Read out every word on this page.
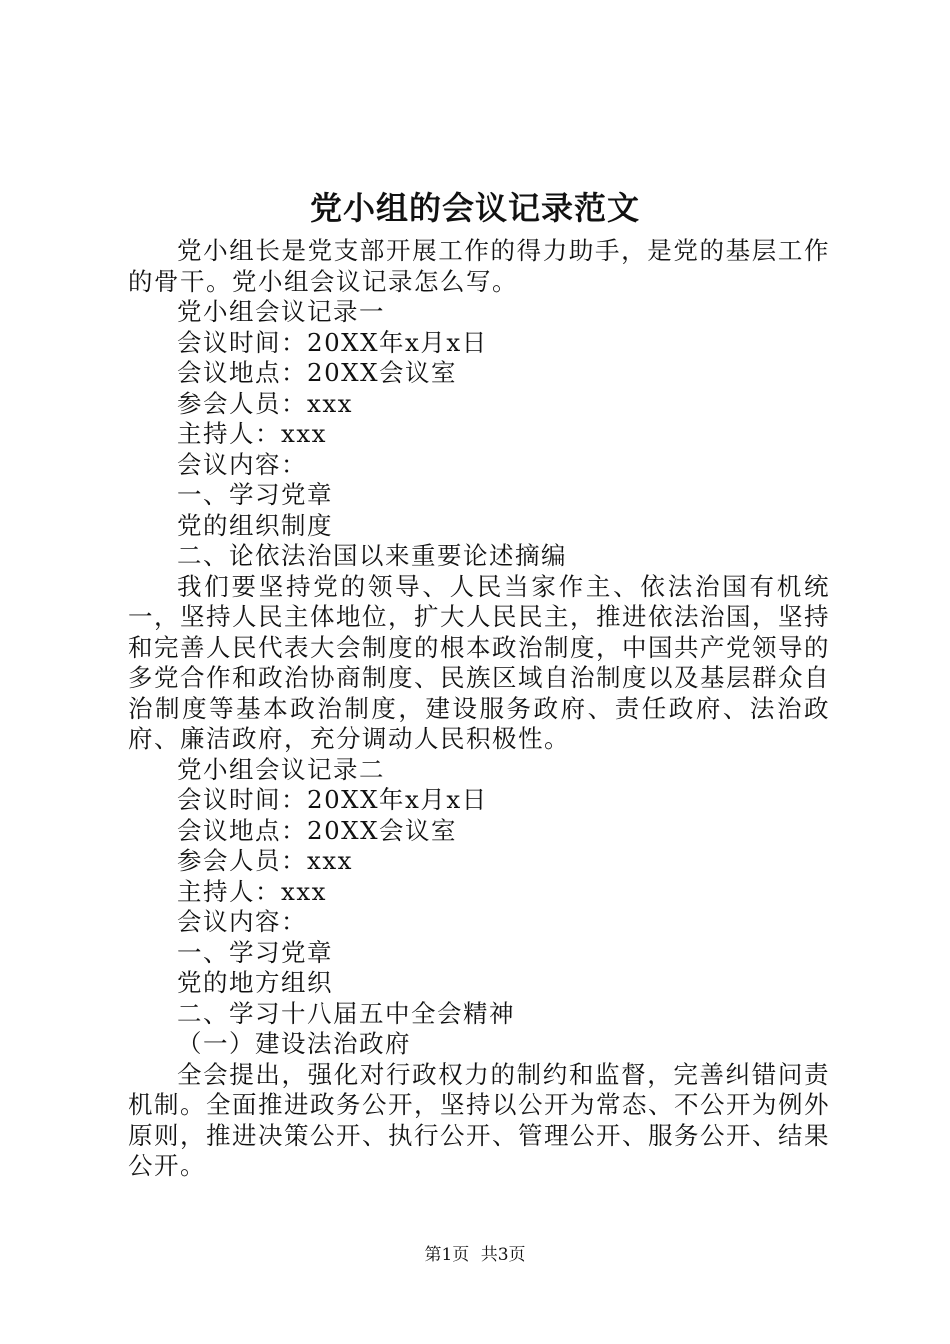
党小组的会议记录范文

党小组长是党支部开展工作的得力助手，是党的基层工作的骨干。党小组会议记录怎么写。

党小组会议记录一

会议时间：20XX年x月x日

会议地点：20XX会议室

参会人员：xxx

主持人：xxx

会议内容：

一、学习党章

党的组织制度

二、论依法治国以来重要论述摘编

我们要坚持党的领导、人民当家作主、依法治国有机统一，坚持人民主体地位，扩大人民民主，推进依法治国，坚持和完善人民代表大会制度的根本政治制度，中国共产党领导的多党合作和政治协商制度、民族区域自治制度以及基层群众自治制度等基本政治制度，建设服务政府、责任政府、法治政府、廉洁政府，充分调动人民积极性。

党小组会议记录二

会议时间：20XX年x月x日

会议地点：20XX会议室

参会人员：xxx

主持人：xxx

会议内容：

一、学习党章

党的地方组织

二、学习十八届五中全会精神

（一）建设法治政府

全会提出，强化对行政权力的制约和监督，完善纠错问责机制。全面推进政务公开，坚持以公开为常态、不公开为例外原则，推进决策公开、执行公开、管理公开、服务公开、结果公开。

第1页 共3页
